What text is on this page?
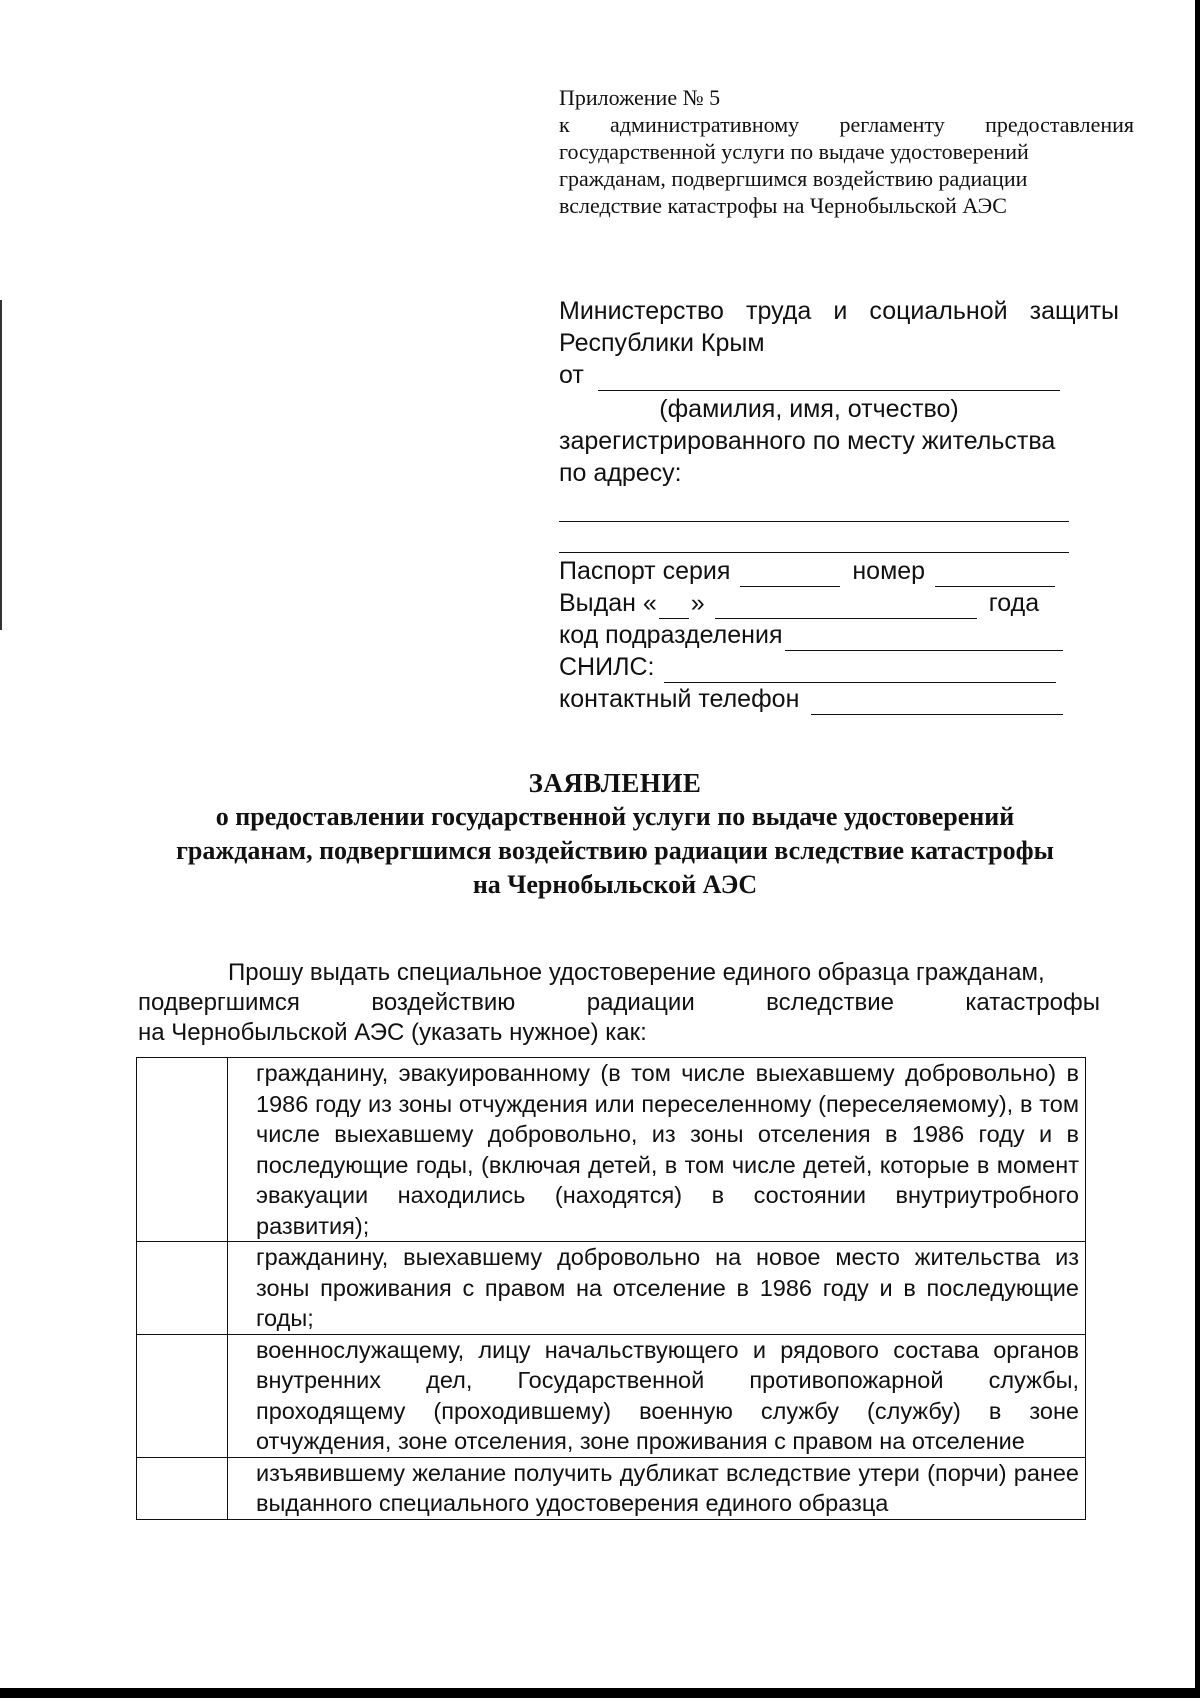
Приложение № 5

к административному регламенту предоставления

государственной услуги по выдаче удостоверений

гражданам, подвергшимся воздействию радиации

вследствие катастрофы на Чернобыльской АЭС

Министерство труда и социальной защиты
Республики Крым
от
(фамилия, имя, отчество)
зарегистрированного по месту жительства
по адресу:
Паспорт серия	номер
Выдан « »	года
код подразделения
СНИЛС:
контактный телефон
ЗАЯВЛЕНИЕ
о предоставлении государственной услуги по выдаче удостоверений
гражданам, подвергшимся воздействию радиации вследствие катастрофы
на Чернобыльской АЭС
Прошу выдать специальное удостоверение единого образца гражданам,
подвергшимся воздействию радиации вследствие катастрофы
на Чернобыльской АЭС (указать нужное) как:
	гражданину, эвакуированному (в том числе выехавшему добровольно) в 1986 году из зоны отчуждения или переселенному (переселяемому), в том числе выехавшему добровольно, из зоны отселения в 1986 году и в последующие годы, (включая детей, в том числе детей, которые в момент эвакуации находились (находятся) в состоянии внутриутробного развития);
	гражданину, выехавшему добровольно на новое место жительства из зоны проживания с правом на отселение в 1986 году и в последующие годы;
	военнослужащему, лицу начальствующего и рядового состава органов внутренних дел, Государственной противопожарной службы, проходящему (проходившему) военную службу (службу) в зоне отчуждения, зоне отселения, зоне проживания с правом на отселение

	изъявившему желание получить дубликат вследствие утери (порчи) ранее выданного специального удостоверения единого образца
